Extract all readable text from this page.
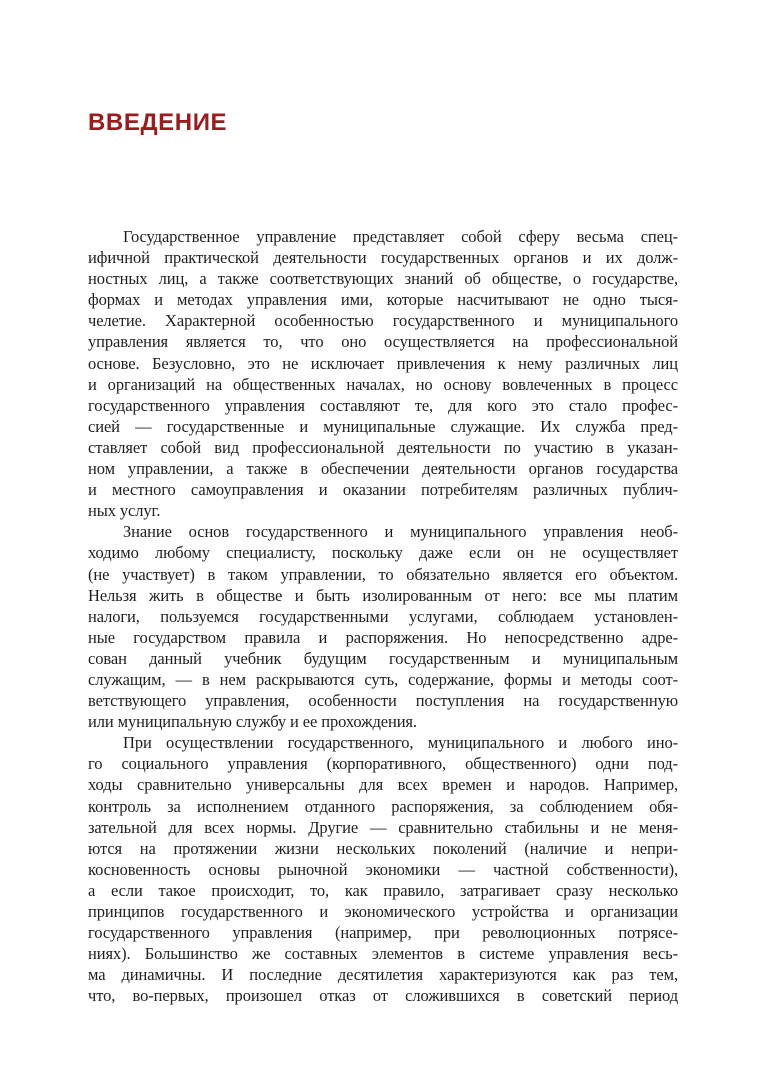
ВВЕДЕНИЕ
Государственное управление представляет собой сферу весьма спец-
ифичной практической деятельности государственных органов и их долж-
ностных лиц, а также соответствующих знаний об обществе, о государстве,
формах и методах управления ими, которые насчитывают не одно тыся-
челетие. Характерной особенностью государственного и муниципального
управления является то, что оно осуществляется на профессиональной
основе. Безусловно, это не исключает привлечения к нему различных лиц
и организаций на общественных началах, но основу вовлеченных в процесс
государственного управления составляют те, для кого это стало профес-
сией — государственные и муниципальные служащие. Их служба пред-
ставляет собой вид профессиональной деятельности по участию в указан-
ном управлении, а также в обеспечении деятельности органов государства
и местного самоуправления и оказании потребителям различных публич-
ных услуг.
Знание основ государственного и муниципального управления необ-
ходимо любому специалисту, поскольку даже если он не осуществляет
(не участвует) в таком управлении, то обязательно является его объектом.
Нельзя жить в обществе и быть изолированным от него: все мы платим
налоги, пользуемся государственными услугами, соблюдаем установлен-
ные государством правила и распоряжения. Но непосредственно адре-
сован данный учебник будущим государственным и муниципальным
служащим, — в нем раскрываются суть, содержание, формы и методы соот-
ветствующего управления, особенности поступления на государственную
или муниципальную службу и ее прохождения.
При осуществлении государственного, муниципального и любого ино-
го социального управления (корпоративного, общественного) одни под-
ходы сравнительно универсальны для всех времен и народов. Например,
контроль за исполнением отданного распоряжения, за соблюдением обя-
зательной для всех нормы. Другие — сравнительно стабильны и не меня-
ются на протяжении жизни нескольких поколений (наличие и непри-
косновенность основы рыночной экономики — частной собственности),
а если такое происходит, то, как правило, затрагивает сразу несколько
принципов государственного и экономического устройства и организации
государственного управления (например, при революционных потрясе-
ниях). Большинство же составных элементов в системе управления весь-
ма динамичны. И последние десятилетия характеризуются как раз тем,
что, во-первых, произошел отказ от сложившихся в советский период
